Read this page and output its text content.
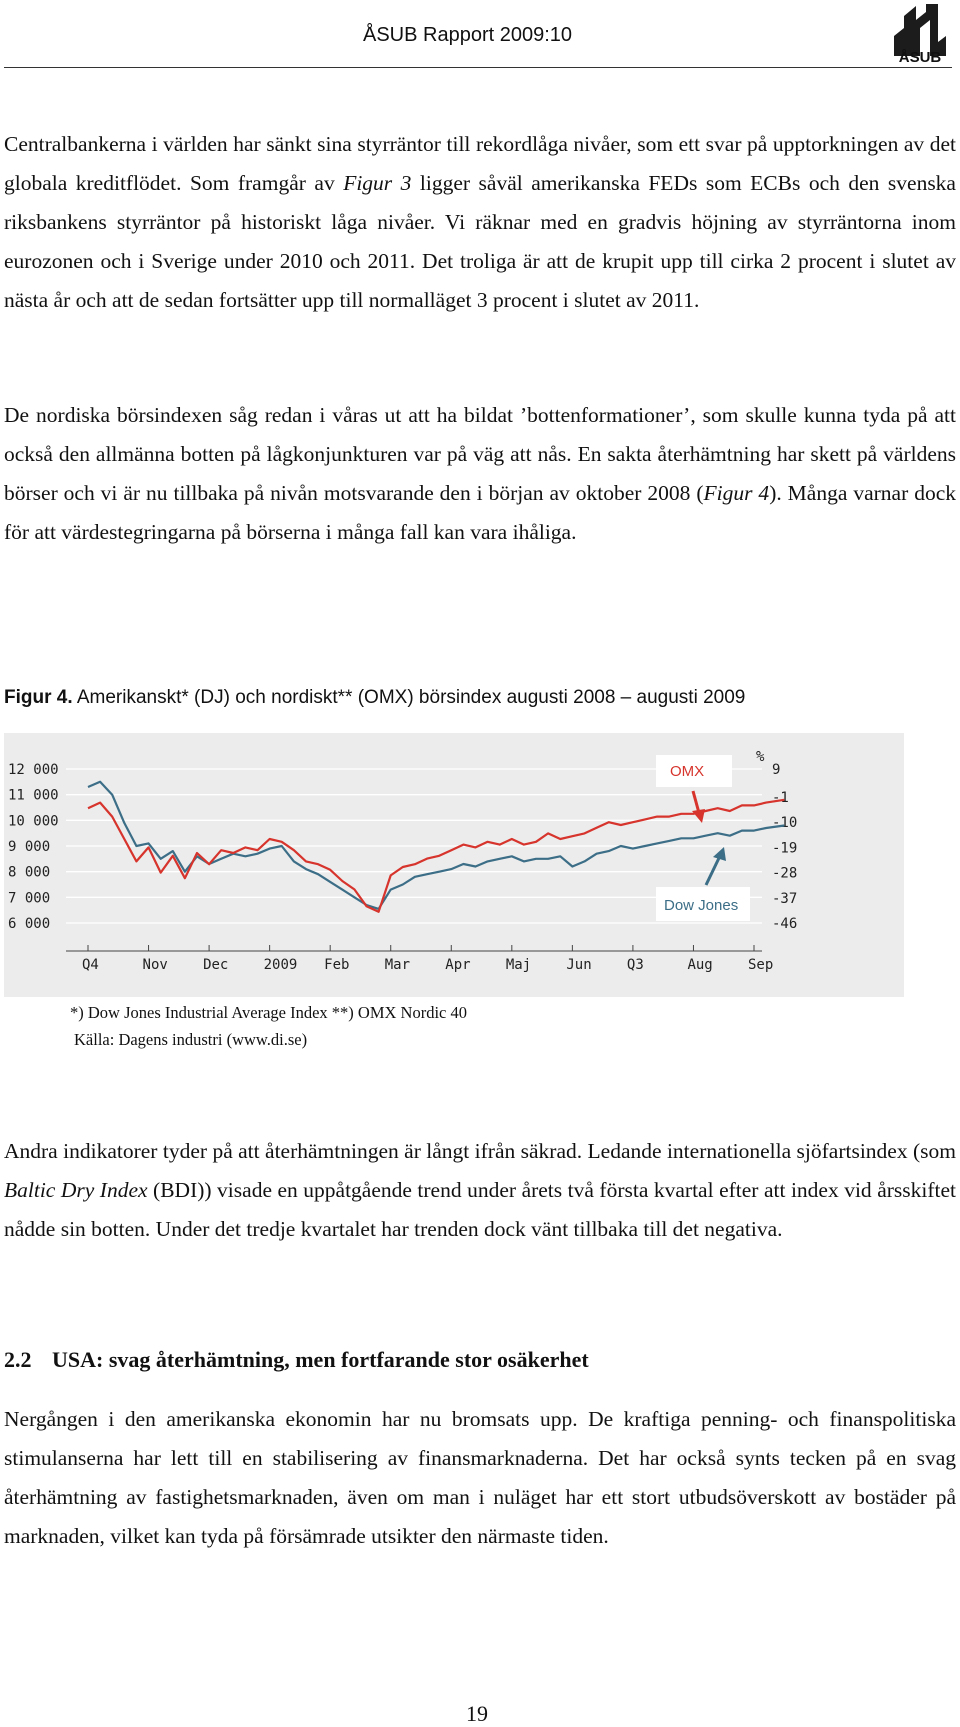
ÅSUB Rapport 2009:10
ÅSUB

Centralbankerna i världen har sänkt sina styrräntor till rekordlåga nivåer, som ett svar på upptorkningen av det globala kreditflödet. Som framgår av Figur 3 ligger såväl amerikanska FEDs som ECBs och den svenska riksbankens styrräntor på historiskt låga nivåer. Vi räknar med en gradvis höjning av styrräntorna inom eurozonen och i Sverige under 2010 och 2011. Det troliga är att de krupit upp till cirka 2 procent i slutet av nästa år och att de sedan fortsätter upp till normalläget 3 procent i slutet av 2011.

De nordiska börsindexen såg redan i våras ut att ha bildat ’bottenformationer’, som skulle kunna tyda på att också den allmänna botten på lågkonjunkturen var på väg att nås. En sakta återhämtning har skett på världens börser och vi är nu tillbaka på nivån motsvarande den i början av oktober 2008 (Figur 4). Många varnar dock för att värdestegringarna på börserna i många fall kan vara ihåliga.

Figur 4. Amerikanskt* (DJ) och nordiskt** (OMX) börsindex augusti 2008 – augusti 2009
12 000
11 000
10 000
9 000
8 000
7 000
6 000
9
-1
-10
-19
-28
-37
-46
%
Q4	Nov	Dec	2009 Feb	Mar	Apr	Maj	Jun	Q3	Aug	Sep
OMX
Dow Jones
*) Dow Jones Industrial Average Index **) OMX Nordic 40
Källa: Dagens industri (www.di.se)

Andra indikatorer tyder på att återhämtningen är långt ifrån säkrad. Ledande internationella sjöfartsindex (som Baltic Dry Index (BDI)) visade en uppåtgående trend under årets två första kvartal efter att index vid årsskiftet nådde sin botten. Under det tredje kvartalet har trenden dock vänt tillbaka till det negativa.

2.2 USA: svag återhämtning, men fortfarande stor osäkerhet

Nergången i den amerikanska ekonomin har nu bromsats upp. De kraftiga penning- och finanspolitiska stimulanserna har lett till en stabilisering av finansmarknaderna. Det har också synts tecken på en svag återhämtning av fastighetsmarknaden, även om man i nuläget har ett stort utbudsöverskott av bostäder på marknaden, vilket kan tyda på försämrade utsikter den närmaste tiden.

19
